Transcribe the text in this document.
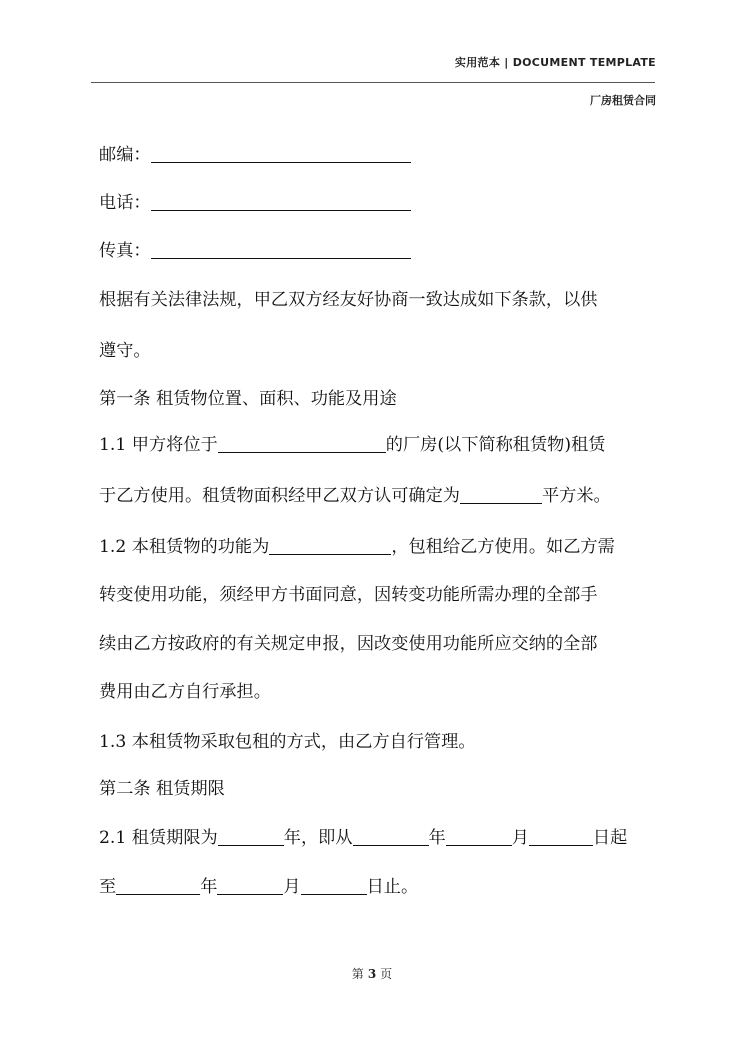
实用范本 | DOCUMENT TEMPLATE
厂房租赁合同
邮编：
电话：
传真：
根据有关法律法规，甲乙双方经友好协商一致达成如下条款，以供
遵守。
第一条 租赁物位置、面积、功能及用途
1.1 甲方将位于	的厂房(以下简称租赁物)租赁
于乙方使用。租赁物面积经甲乙双方认可确定为	平方米。
1.2 本租赁物的功能为	，包租给乙方使用。如乙方需
转变使用功能，须经甲方书面同意，因转变功能所需办理的全部手
续由乙方按政府的有关规定申报，因改变使用功能所应交纳的全部
费用由乙方自行承担。
1.3 本租赁物采取包租的方式，由乙方自行管理。
第二条 租赁期限
2.1 租赁期限为	年，即从	年	月	日起
至	年	月	日止。
第 3 页
